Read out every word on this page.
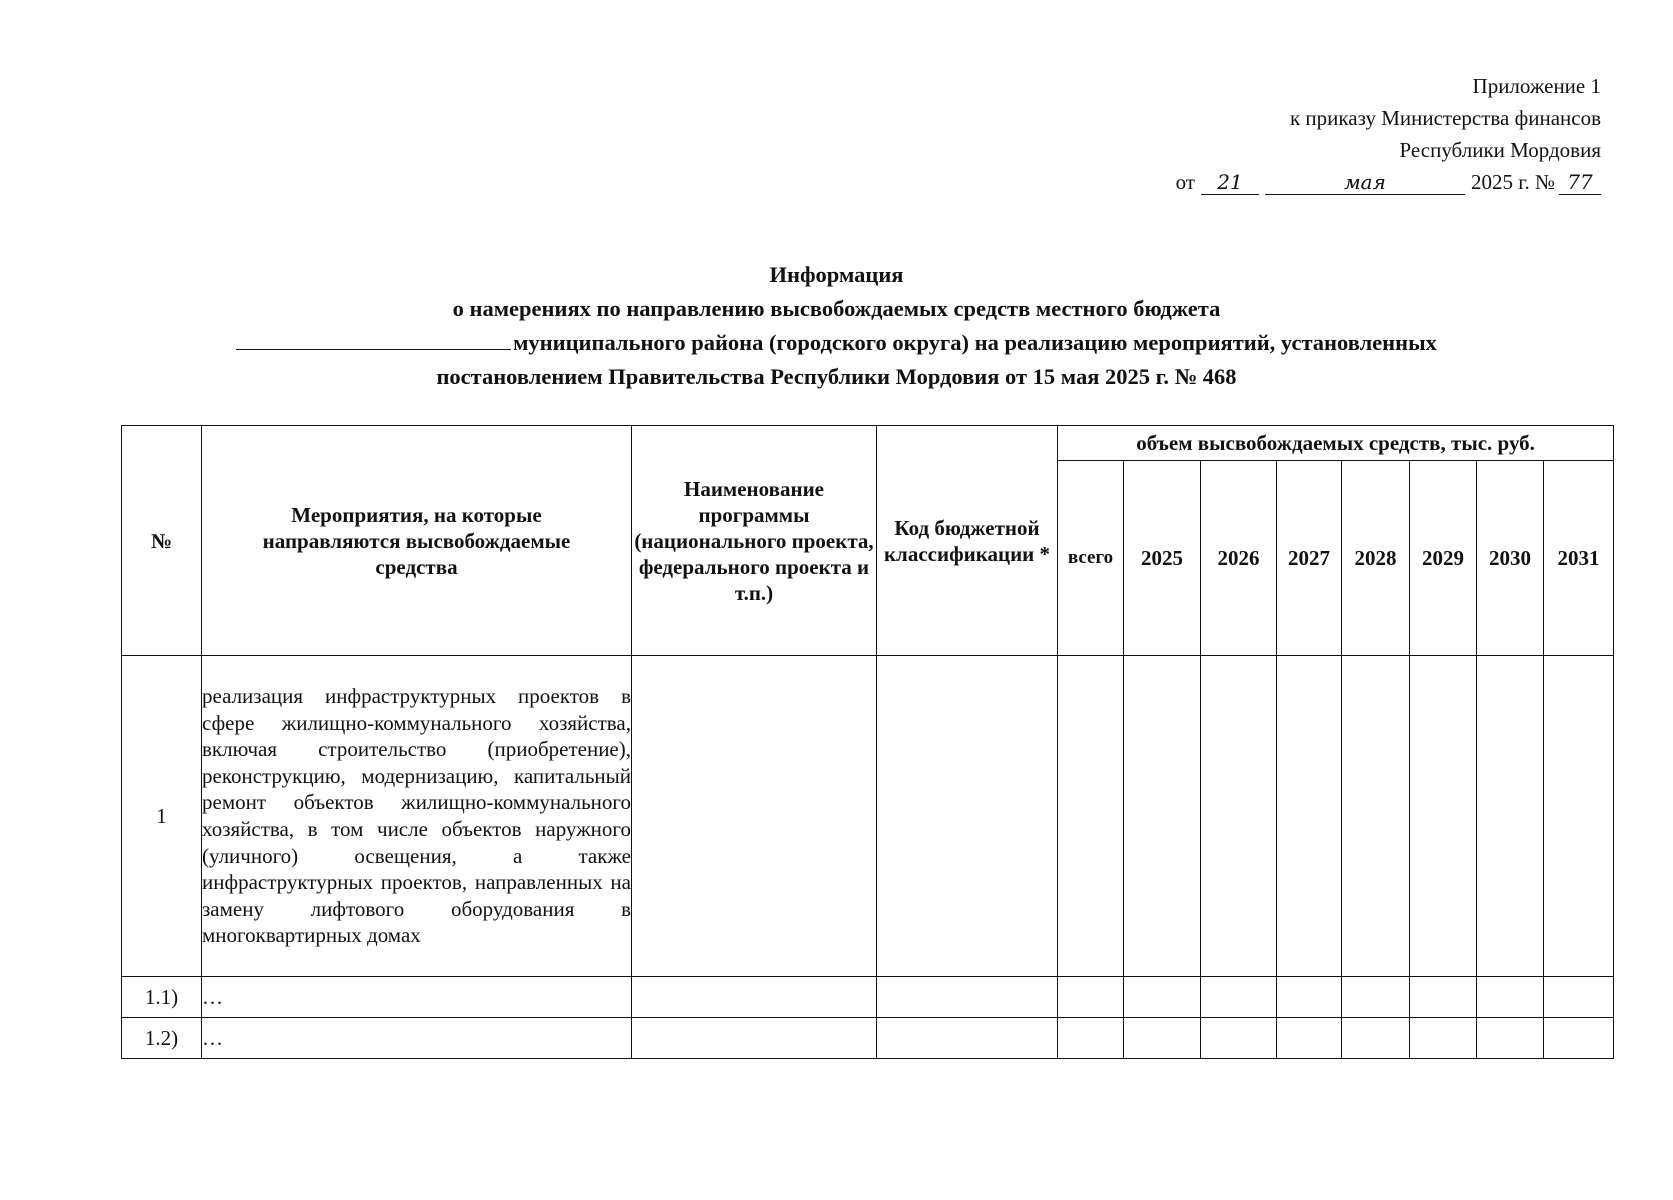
Приложение 1
к приказу Министерства финансов
Республики Мордовия
от 21	мая	2025 г. № 77
Информация
о намерениях по направлению высвобождаемых средств местного бюджета
муниципального района (городского округа) на реализацию мероприятий, установленных
постановлением Правительства Республики Мордовия от 15 мая 2025 г. № 468
№	Мероприятия, на которые направляются высвобождаемые средства	Наименование программы (национального проекта, федерального проекта и т.п.)	Код бюджетной классификации *	объем высвобождаемых средств, тыс. руб.							
				всего	2025	2026	2027	2028	2029	2030	2031
1	реализация инфраструктурных проектов в сфере жилищно-коммунального хозяйства, включая строительство (приобретение), реконструкцию, модернизацию, капитальный ремонт объектов жилищно-коммунального хозяйства, в том числе объектов наружного (уличного) освещения, а также инфраструктурных проектов, направленных на замену лифтового оборудования в многоквартирных домах										
1.1)	…										
1.2)	…										
